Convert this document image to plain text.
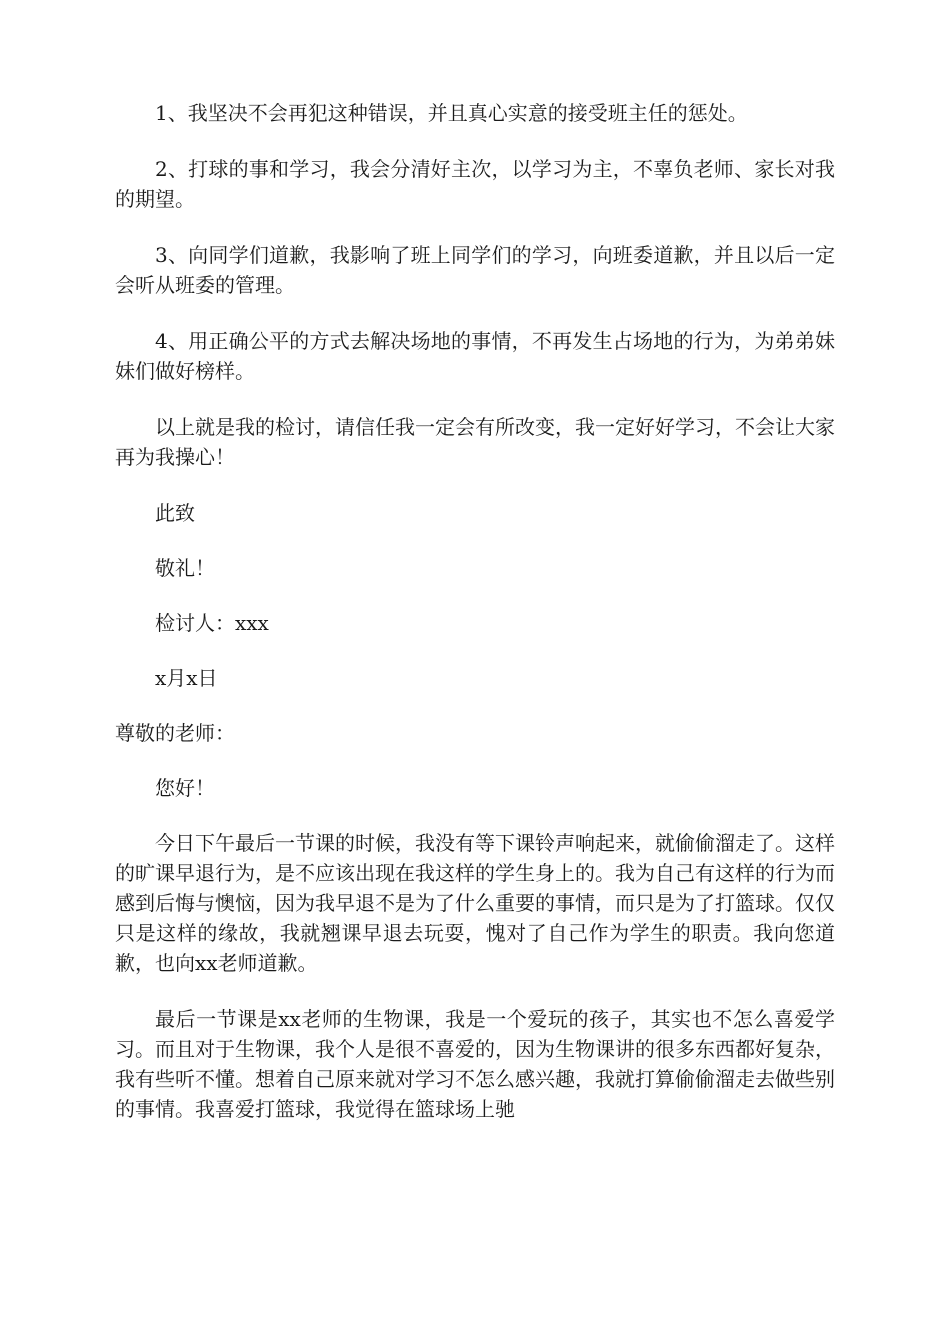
1、我坚决不会再犯这种错误，并且真心实意的接受班主任的惩处。

2、打球的事和学习，我会分清好主次，以学习为主，不辜负老师、家长对我的期望。

3、向同学们道歉，我影响了班上同学们的学习，向班委道歉，并且以后一定会听从班委的管理。

4、用正确公平的方式去解决场地的事情，不再发生占场地的行为，为弟弟妹妹们做好榜样。

以上就是我的检讨，请信任我一定会有所改变，我一定好好学习，不会让大家再为我操心！

此致

敬礼！

检讨人：xxx

x月x日

尊敬的老师：

您好！

今日下午最后一节课的时候，我没有等下课铃声响起来，就偷偷溜走了。这样的旷课早退行为，是不应该出现在我这样的学生身上的。我为自己有这样的行为而感到后悔与懊恼，因为我早退不是为了什么重要的事情，而只是为了打篮球。仅仅只是这样的缘故，我就翘课早退去玩耍，愧对了自己作为学生的职责。我向您道歉，也向xx老师道歉。

最后一节课是xx老师的生物课，我是一个爱玩的孩子，其实也不怎么喜爱学习。而且对于生物课，我个人是很不喜爱的，因为生物课讲的很多东西都好复杂，我有些听不懂。想着自己原来就对学习不怎么感兴趣，我就打算偷偷溜走去做些别的事情。我喜爱打篮球，我觉得在篮球场上驰
